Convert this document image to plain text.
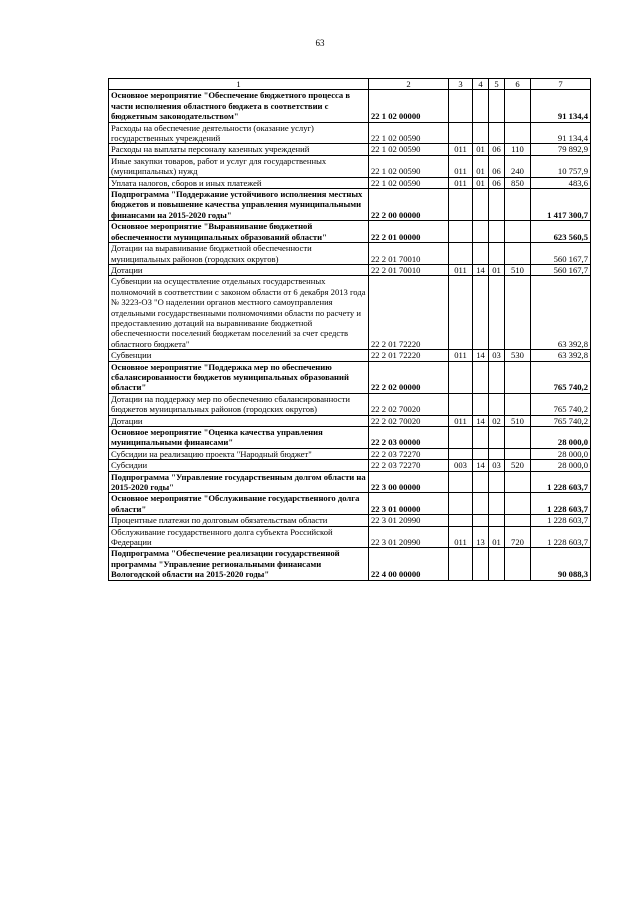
63
1	2	3	4	5	6	7
Основное мероприятие "Обеспечение бюджетного процесса в части исполнения областного бюджета в соответствии с бюджетным законодательством"	22 1 02 00000					91 134,4
Расходы на обеспечение деятельности (оказание услуг) государственных учреждений	22 1 02 00590					91 134,4
Расходы на выплаты персоналу казенных учреждений	22 1 02 00590	011	01	06	110	79 892,9
Иные закупки товаров, работ и услуг для государственных (муниципальных) нужд	22 1 02 00590	011	01	06	240	10 757,9
Уплата налогов, сборов и иных платежей	22 1 02 00590	011	01	06	850	483,6
Подпрограмма "Поддержание устойчивого исполнения местных бюджетов и повышение качества управления муниципальными финансами на 2015-2020 годы"	22 2 00 00000					1 417 300,7
Основное мероприятие "Выравнивание бюджетной обеспеченности муниципальных образований области"	22 2 01 00000					623 560,5
Дотации на выравнивание бюджетной обеспеченности муниципальных районов (городских округов)	22 2 01 70010					560 167,7
Дотации	22 2 01 70010	011	14	01	510	560 167,7
Субвенции на осуществление отдельных государственных полномочий в соответствии с законом области от 6 декабря 2013 года № 3223-ОЗ "О наделении органов местного самоуправления отдельными государственными полномочиями области по расчету и предоставлению дотаций на выравнивание бюджетной обеспеченности поселений бюджетам поселений за счет средств областного бюджета"	22 2 01 72220					63 392,8
Субвенции	22 2 01 72220	011	14	03	530	63 392,8
Основное мероприятие "Поддержка мер по обеспечению сбалансированности бюджетов муниципальных образований области"	22 2 02 00000					765 740,2
Дотации на поддержку мер по обеспечению сбалансированности бюджетов муниципальных районов (городских округов)	22 2 02 70020					765 740,2
Дотации	22 2 02 70020	011	14	02	510	765 740,2
Основное мероприятие "Оценка качества управления муниципальными финансами"	22 2 03 00000					28 000,0
Субсидии на реализацию проекта "Народный бюджет"	22 2 03 72270					28 000,0
Субсидии	22 2 03 72270	003	14	03	520	28 000,0
Подпрограмма "Управление государственным долгом области на 2015-2020 годы"	22 3 00 00000					1 228 603,7
Основное мероприятие "Обслуживание государственного долга области"	22 3 01 00000					1 228 603,7
Процентные платежи по долговым обязательствам области	22 3 01 20990					1 228 603,7
Обслуживание государственного долга субъекта Российской Федерации	22 3 01 20990	011	13	01	720	1 228 603,7
Подпрограмма "Обеспечение реализации государственной программы "Управление региональными финансами Вологодской области на 2015-2020 годы"	22 4 00 00000					90 088,3
